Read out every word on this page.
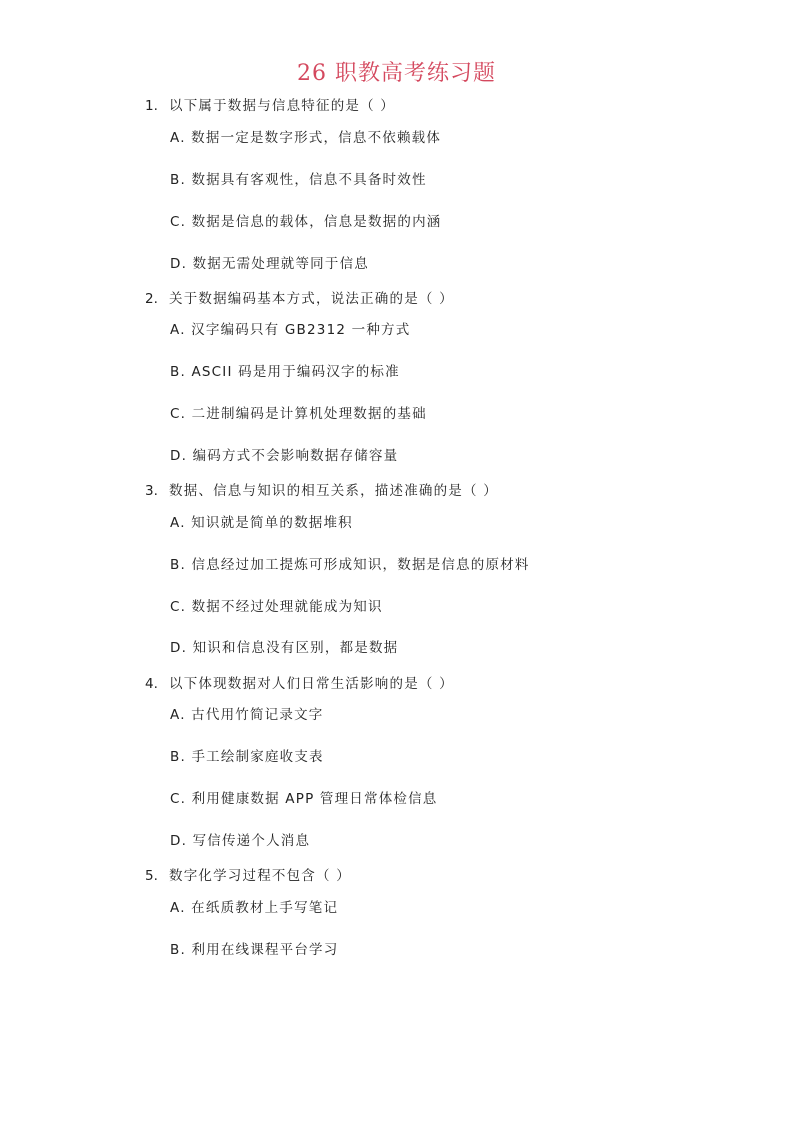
26 职教高考练习题
1. 以下属于数据与信息特征的是（ ）
A. 数据一定是数字形式，信息不依赖载体
B. 数据具有客观性，信息不具备时效性
C. 数据是信息的载体，信息是数据的内涵
D. 数据无需处理就等同于信息
2. 关于数据编码基本方式，说法正确的是（ ）
A. 汉字编码只有 GB2312 一种方式
B. ASCII 码是用于编码汉字的标准
C. 二进制编码是计算机处理数据的基础
D. 编码方式不会影响数据存储容量
3. 数据、信息与知识的相互关系，描述准确的是（ ）
A. 知识就是简单的数据堆积
B. 信息经过加工提炼可形成知识，数据是信息的原材料
C. 数据不经过处理就能成为知识
D. 知识和信息没有区别，都是数据
4. 以下体现数据对人们日常生活影响的是（ ）
A. 古代用竹简记录文字
B. 手工绘制家庭收支表
C. 利用健康数据 APP 管理日常体检信息
D. 写信传递个人消息
5. 数字化学习过程不包含（ ）
A. 在纸质教材上手写笔记
B. 利用在线课程平台学习
